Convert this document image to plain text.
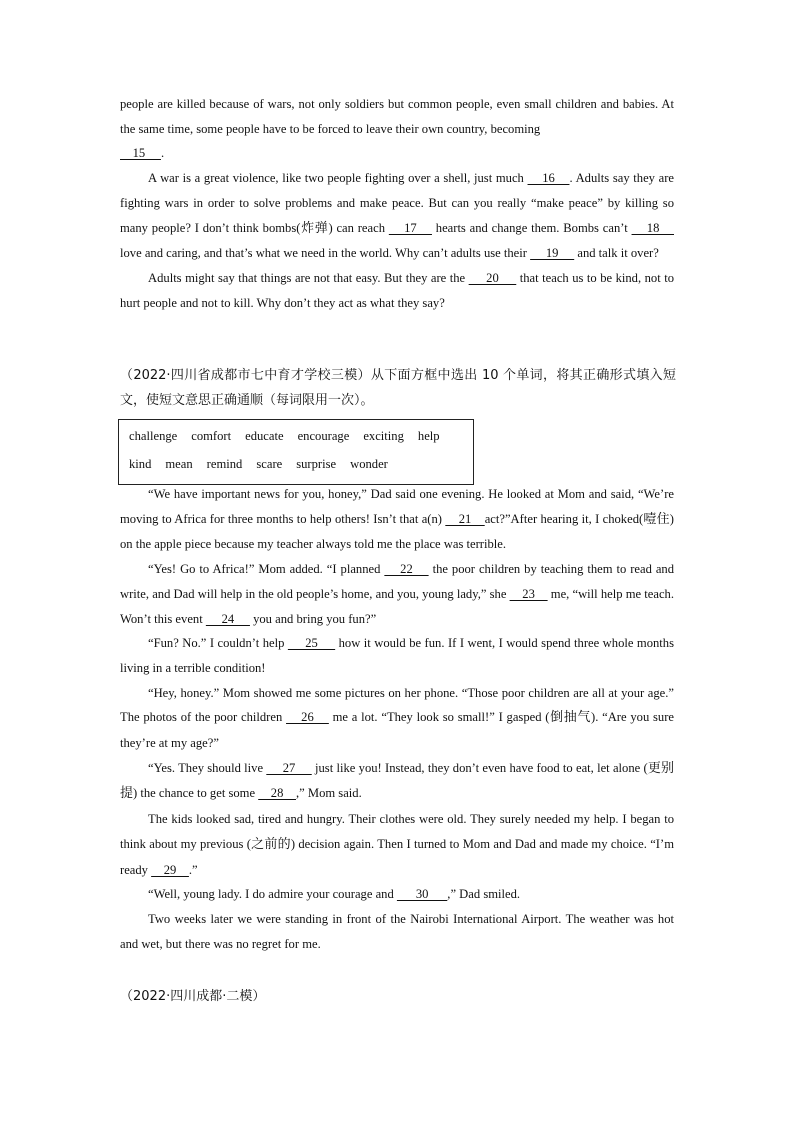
people are killed because of wars, not only soldiers but common people, even small children and babies. At the same time, some people have to be forced to leave their own country, becoming
15     .

A war is a great violence, like two people fighting over a shell, just much     16    . Adults say they are fighting wars in order to solve problems and make peace. But can you really “make peace” by killing so many people? I don’t think bombs(炸弹) can reach     17     hearts and change them. Bombs can’t     18     love and caring, and that’s what we need in the world. Why can’t adults use their      19      and talk it over?

Adults might say that things are not that easy. But they are the      20      that teach us to be kind, not to hurt people and not to kill. Why don’t they act as what they say?

（2022·四川省成都市七中育才学校三模）从下面方框中选出 10 个单词，将其正确形式填入短文，使短文意思正确通顺（每词限用一次）。
challenge comfort educate encourage exciting help
kind mean remind scare surprise wonder

“We have important news for you, honey,” Dad said one evening. He looked at Mom and said, “We’re moving to Africa for three months to help others! Isn’t that a(n)     21    act?”After hearing it, I choked(噎住) on the apple piece because my teacher always told me the place was terrible.

“Yes! Go to Africa!” Mom added. “I planned     22     the poor children by teaching them to read and write, and Dad will help in the old people’s home, and you, young lady,” she     23     me, “will help me teach. Won’t this event      24      you and bring you fun?”

“Fun? No.” I couldn’t help      25      how it would be fun. If I went, I would spend three whole months living in a terrible condition!

“Hey, honey.” Mom showed me some pictures on her phone. “Those poor children are all at your age.” The photos of the poor children     26     me a lot. “They look so small!” I gasped (倒抽气). “Are you sure they’re at my age?”

“Yes. They should live      27      just like you! Instead, they don’t even have food to eat, let alone (更别提) the chance to get some     28    ,” Mom said.

The kids looked sad, tired and hungry. Their clothes were old. They surely needed my help. I began to think about my previous (之前的) decision again. Then I turned to Mom and Dad and made my choice. “I’m ready     29    .”

“Well, young lady. I do admire your courage and       30      ,” Dad smiled.

Two weeks later we were standing in front of the Nairobi International Airport. The weather was hot and wet, but there was no regret for me.

（2022·四川成都·二模）
